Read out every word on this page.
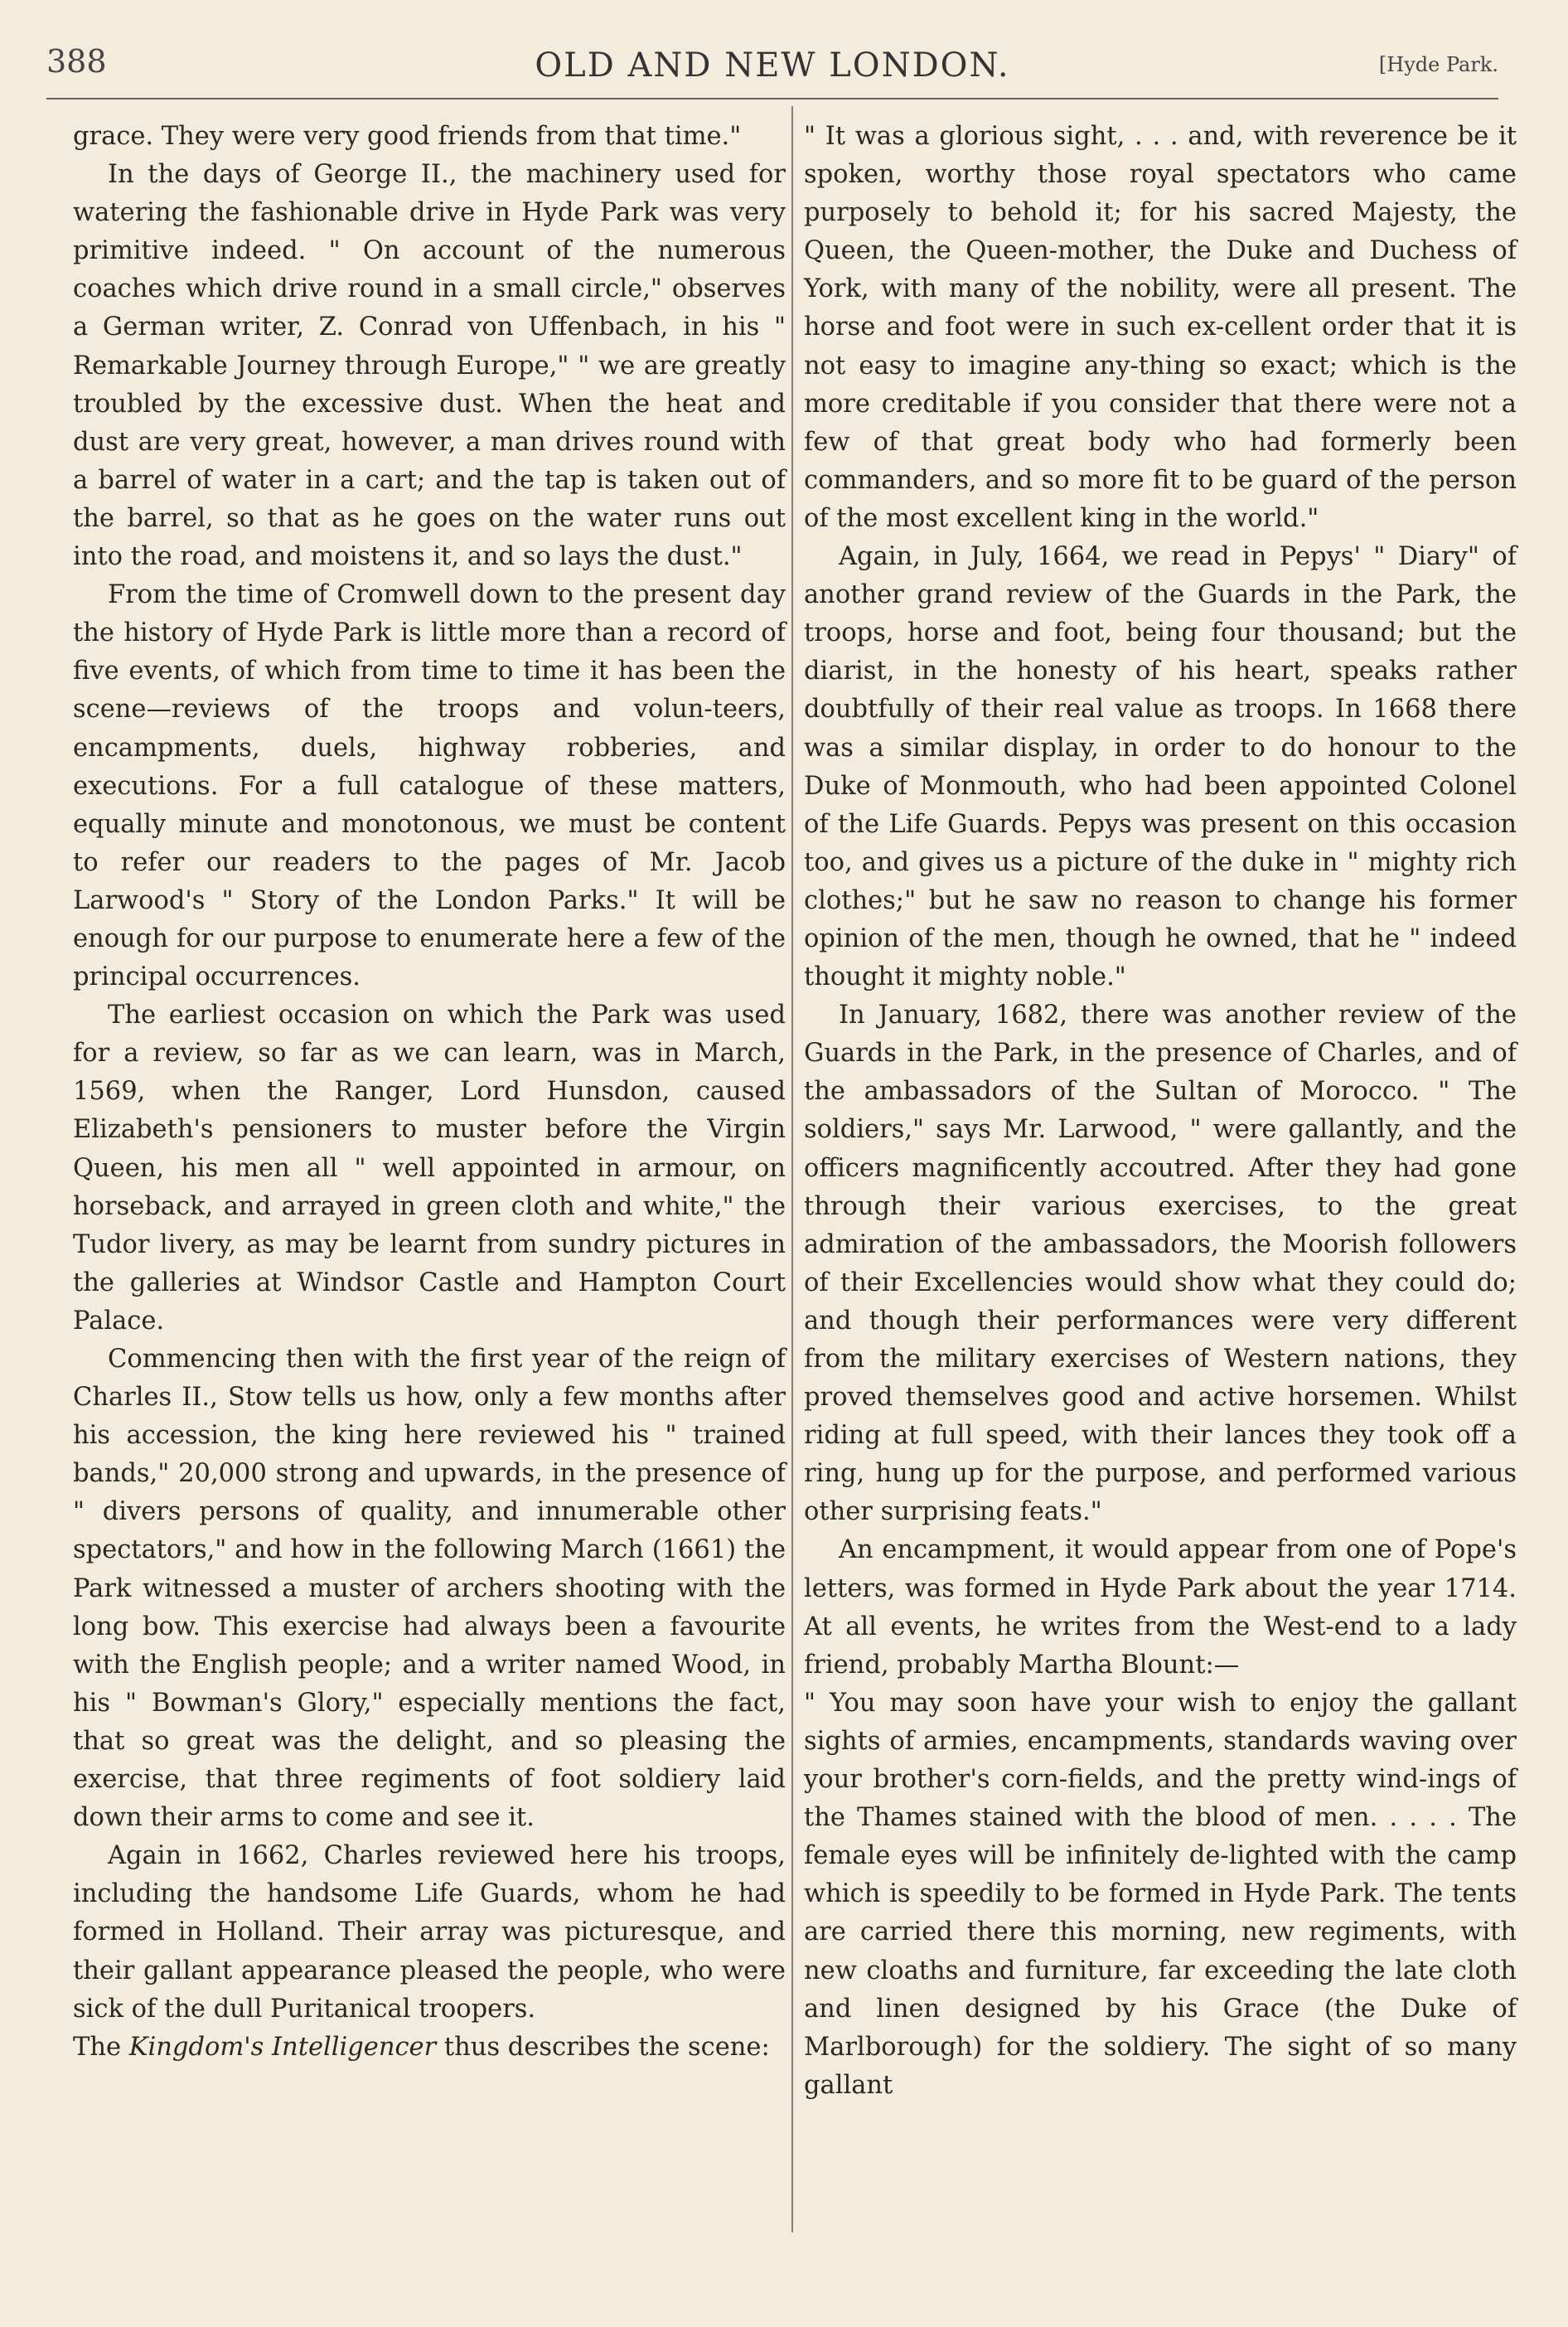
388	OLD AND NEW LONDON.	[Hyde Park.

grace. They were very good friends from that time."

In the days of George II., the machinery used for watering the fashionable drive in Hyde Park was very primitive indeed. " On account of the numerous coaches which drive round in a small circle," observes a German writer, Z. Conrad von Uffenbach, in his " Remarkable Journey through Europe," " we are greatly troubled by the excessive dust. When the heat and dust are very great, however, a man drives round with a barrel of water in a cart; and the tap is taken out of the barrel, so that as he goes on the water runs out into the road, and moistens it, and so lays the dust."

From the time of Cromwell down to the present day the history of Hyde Park is little more than a record of five events, of which from time to time it has been the scene—reviews of the troops and volun-teers, encampments, duels, highway robberies, and executions. For a full catalogue of these matters, equally minute and monotonous, we must be content to refer our readers to the pages of Mr. Jacob Larwood's " Story of the London Parks." It will be enough for our purpose to enumerate here a few of the principal occurrences.

The earliest occasion on which the Park was used for a review, so far as we can learn, was in March, 1569, when the Ranger, Lord Hunsdon, caused Elizabeth's pensioners to muster before the Virgin Queen, his men all " well appointed in armour, on horseback, and arrayed in green cloth and white," the Tudor livery, as may be learnt from sundry pictures in the galleries at Windsor Castle and Hampton Court Palace.

Commencing then with the first year of the reign of Charles II., Stow tells us how, only a few months after his accession, the king here reviewed his " trained bands," 20,000 strong and upwards, in the presence of " divers persons of quality, and innumerable other spectators," and how in the following March (1661) the Park witnessed a muster of archers shooting with the long bow. This exercise had always been a favourite with the English people; and a writer named Wood, in his " Bowman's Glory," especially mentions the fact, that so great was the delight, and so pleasing the exercise, that three regiments of foot soldiery laid down their arms to come and see it.

Again in 1662, Charles reviewed here his troops, including the handsome Life Guards, whom he had formed in Holland. Their array was picturesque, and their gallant appearance pleased the people, who were sick of the dull Puritanical troopers.

The Kingdom's Intelligencer thus describes the scene:

" It was a glorious sight, . . . and, with reverence be it spoken, worthy those royal spectators who came purposely to behold it; for his sacred Majesty, the Queen, the Queen-mother, the Duke and Duchess of York, with many of the nobility, were all present. The horse and foot were in such ex-cellent order that it is not easy to imagine any-thing so exact; which is the more creditable if you consider that there were not a few of that great body who had formerly been commanders, and so more fit to be guard of the person of the most excellent king in the world."

Again, in July, 1664, we read in Pepys' " Diary" of another grand review of the Guards in the Park, the troops, horse and foot, being four thousand; but the diarist, in the honesty of his heart, speaks rather doubtfully of their real value as troops. In 1668 there was a similar display, in order to do honour to the Duke of Monmouth, who had been appointed Colonel of the Life Guards. Pepys was present on this occasion too, and gives us a picture of the duke in " mighty rich clothes;" but he saw no reason to change his former opinion of the men, though he owned, that he " indeed thought it mighty noble."

In January, 1682, there was another review of the Guards in the Park, in the presence of Charles, and of the ambassadors of the Sultan of Morocco. " The soldiers," says Mr. Larwood, " were gallantly, and the officers magnificently accoutred. After they had gone through their various exercises, to the great admiration of the ambassadors, the Moorish followers of their Excellencies would show what they could do; and though their performances were very different from the military exercises of Western nations, they proved themselves good and active horsemen. Whilst riding at full speed, with their lances they took off a ring, hung up for the purpose, and performed various other surprising feats."

An encampment, it would appear from one of Pope's letters, was formed in Hyde Park about the year 1714. At all events, he writes from the West-end to a lady friend, probably Martha Blount:—

" You may soon have your wish to enjoy the gallant sights of armies, encampments, standards waving over your brother's corn-fields, and the pretty wind-ings of the Thames stained with the blood of men. . . . . The female eyes will be infinitely de-lighted with the camp which is speedily to be formed in Hyde Park. The tents are carried there this morning, new regiments, with new cloaths and furniture, far exceeding the late cloth and linen designed by his Grace (the Duke of Marlborough) for the soldiery. The sight of so many gallant
